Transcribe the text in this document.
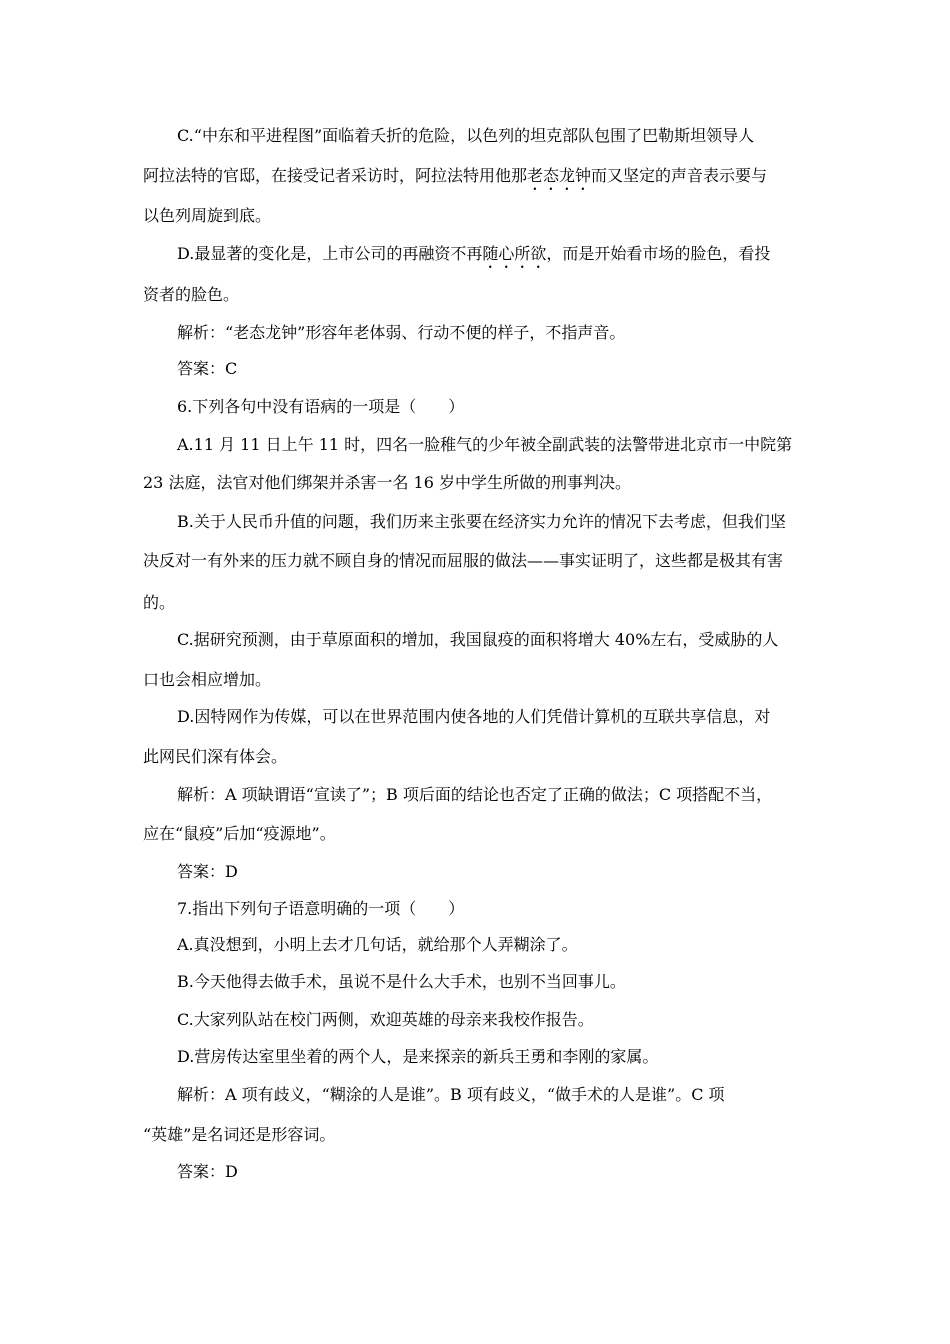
C.“中东和平进程图”面临着夭折的危险，以色列的坦克部队包围了巴勒斯坦领导人

阿拉法特的官邸，在接受记者采访时，阿拉法特用他那老态龙钟而又坚定的声音表示要与

以色列周旋到底。

D.最显著的变化是，上市公司的再融资不再随心所欲，而是开始看市场的脸色，看投

资者的脸色。

解析：“老态龙钟”形容年老体弱、行动不便的样子，不指声音。

答案：C

6.下列各句中没有语病的一项是（　　）

A.11 月 11 日上午 11 时，四名一脸稚气的少年被全副武装的法警带进北京市一中院第

23 法庭，法官对他们绑架并杀害一名 16 岁中学生所做的刑事判决。

B.关于人民币升值的问题，我们历来主张要在经济实力允许的情况下去考虑，但我们坚

决反对一有外来的压力就不顾自身的情况而屈服的做法——事实证明了，这些都是极其有害

的。

C.据研究预测，由于草原面积的增加，我国鼠疫的面积将增大 40%左右，受威胁的人

口也会相应增加。

D.因特网作为传媒，可以在世界范围内使各地的人们凭借计算机的互联共享信息，对

此网民们深有体会。

解析：A 项缺谓语“宣读了”；B 项后面的结论也否定了正确的做法；C 项搭配不当，

应在“鼠疫”后加“疫源地”。

答案：D

7.指出下列句子语意明确的一项（　　）

A.真没想到，小明上去才几句话，就给那个人弄糊涂了。

B.今天他得去做手术，虽说不是什么大手术，也别不当回事儿。

C.大家列队站在校门两侧，欢迎英雄的母亲来我校作报告。

D.营房传达室里坐着的两个人，是来探亲的新兵王勇和李刚的家属。

解析：A 项有歧义，“糊涂的人是谁”。B 项有歧义，“做手术的人是谁”。C 项

“英雄”是名词还是形容词。

答案：D
